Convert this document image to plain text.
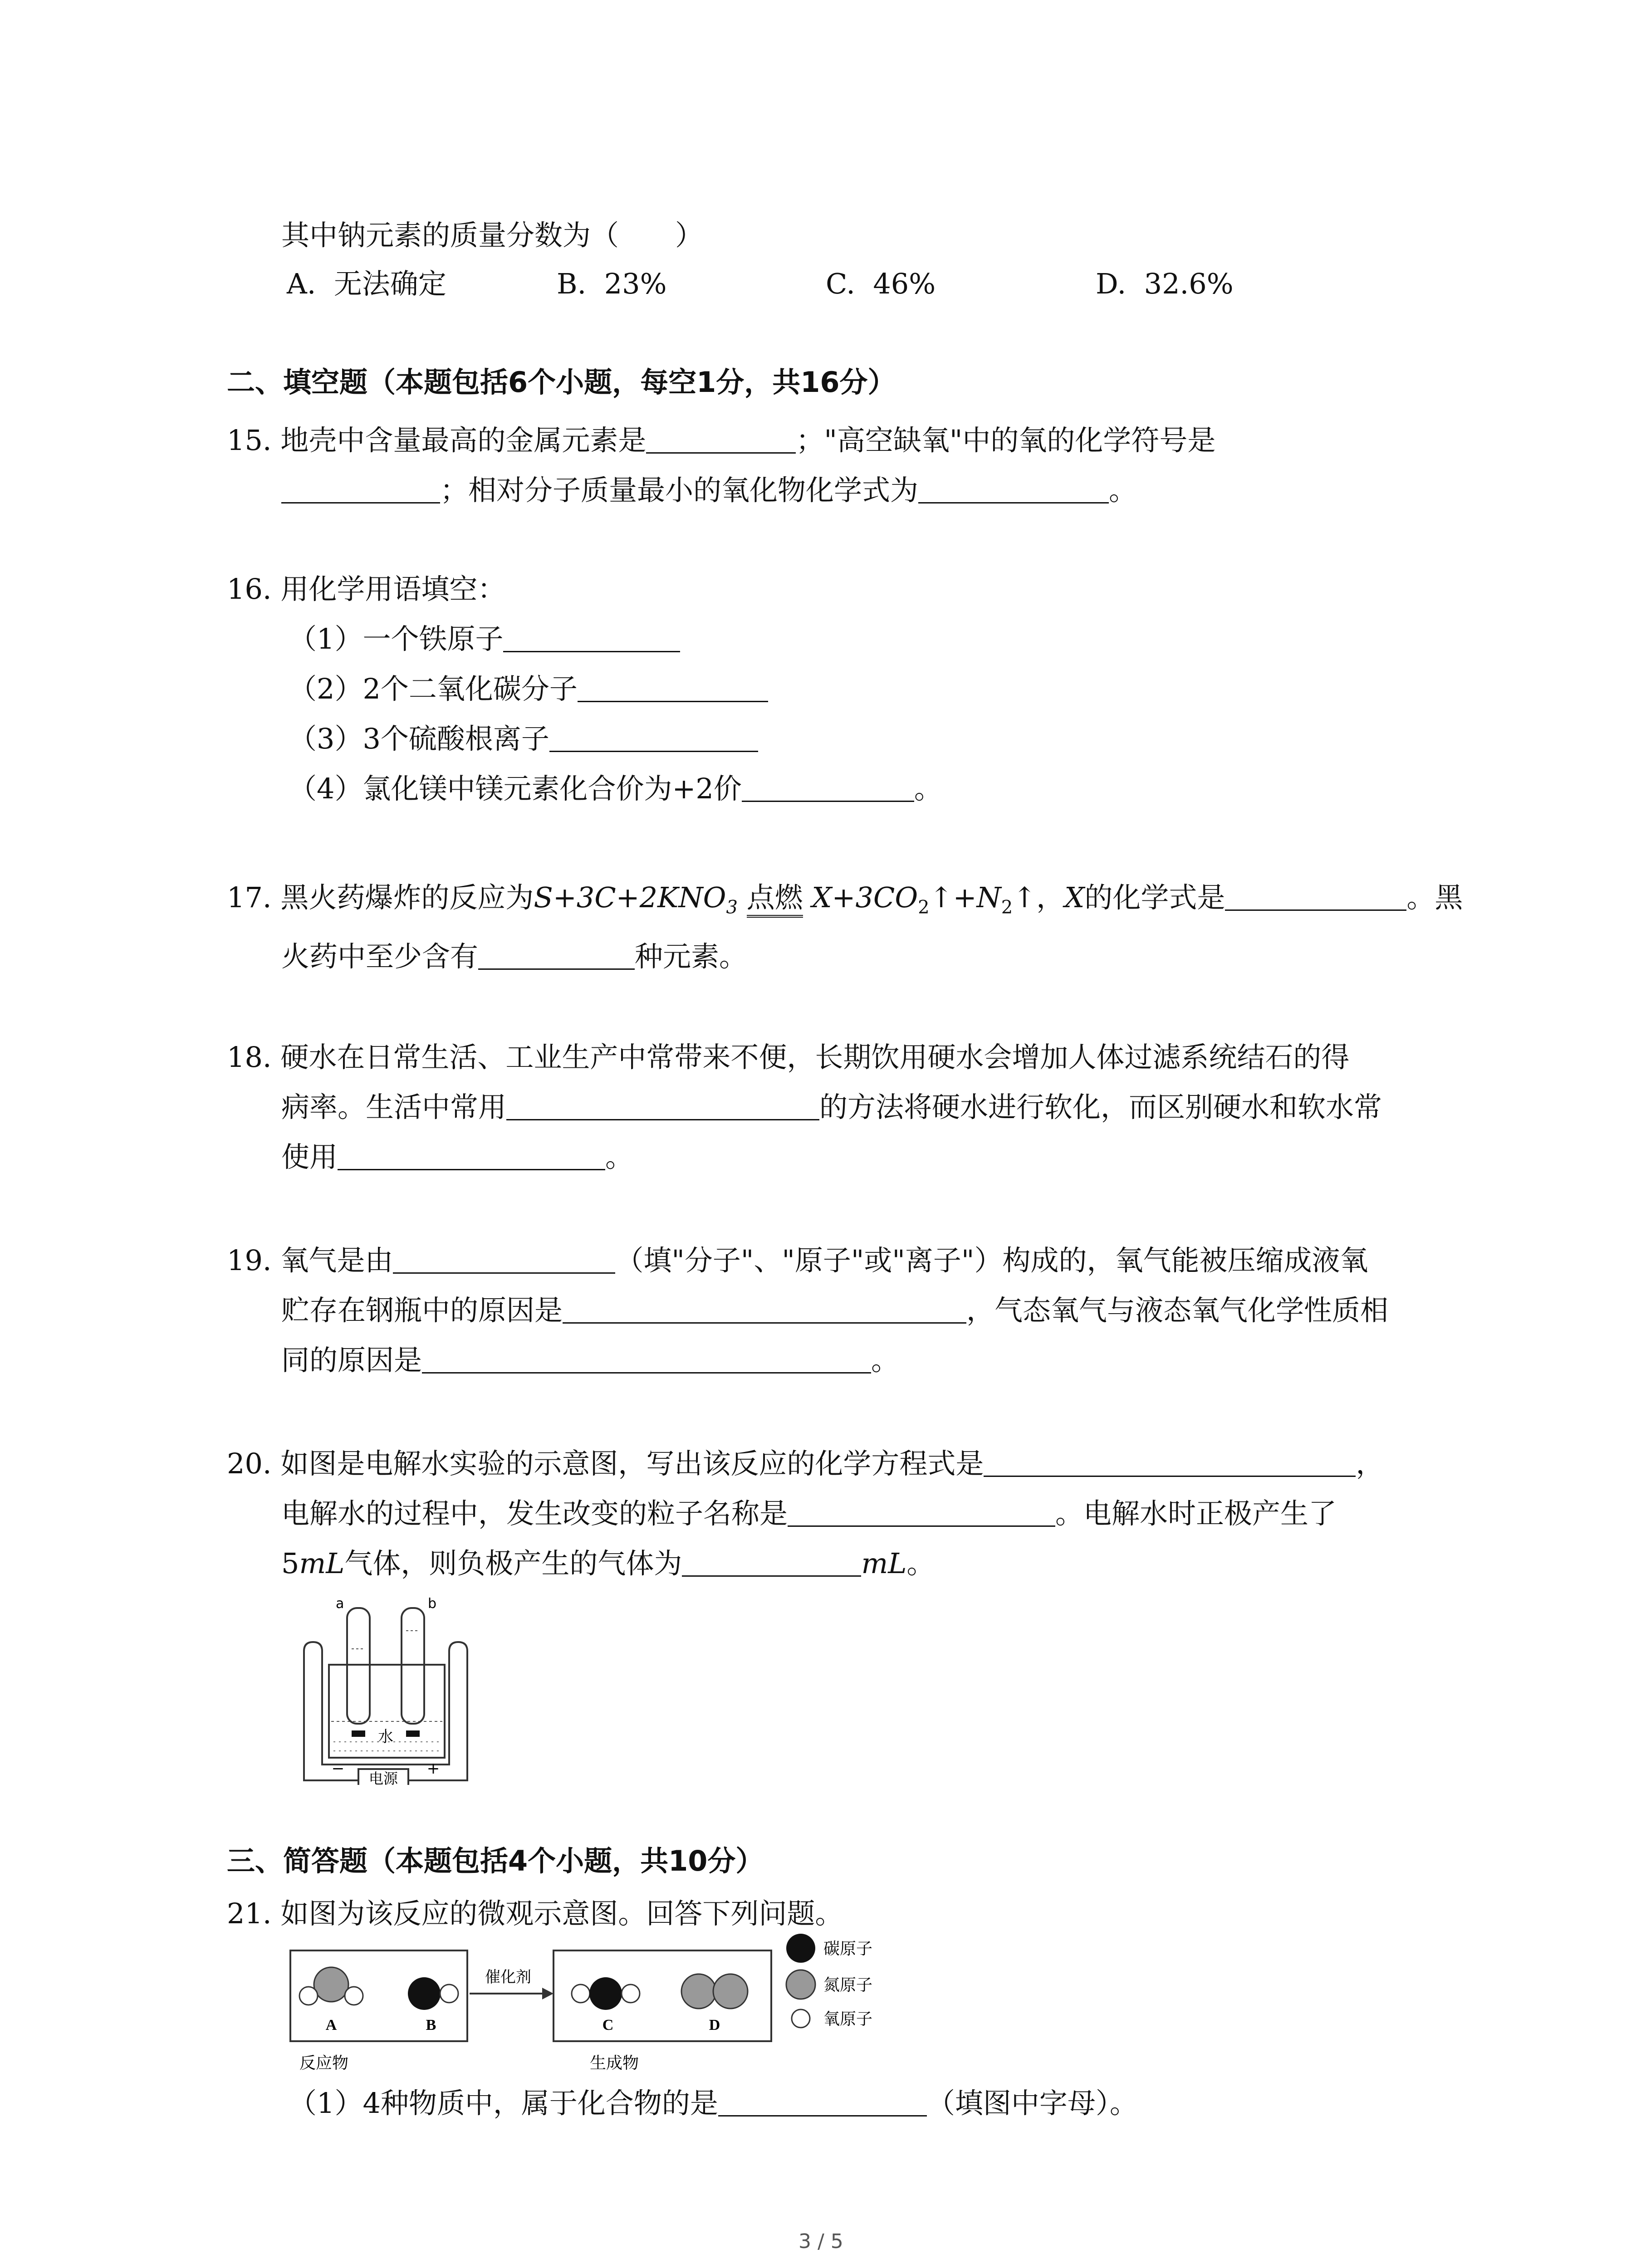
其中钠元素的质量分数为（　　）
A. 无法确定	B. 23%	C. 46%	D. 32.6%
二、填空题（本题包括6个小题，每空1分，共16分）
15. 地壳中含量最高的金属元素是	；"高空缺氧"中的氧的化学符号是
；相对分子质量最小的氧化物化学式为	。
16. 用化学用语填空：
（1）一个铁原子
（2）2个二氧化碳分子
（3）3个硫酸根离子
（4）氯化镁中镁元素化合价为+2价	。
17. 黑火药爆炸的反应为$S+3C+2KNO_3$ 点燃 $X+3CO_2↑+N_2↑$，X的化学式是	。黑
火药中至少含有	种元素。
18. 硬水在日常生活、工业生产中常带来不便，长期饮用硬水会增加人体过滤系统结石的得
病率。生活中常用	的方法将硬水进行软化，而区别硬水和软水常
使用	。
19. 氧气是由	（填"分子"、"原子"或"离子"）构成的，氧气能被压缩成液氧
贮存在钢瓶中的原因是	，气态氧气与液态氧气化学性质相
同的原因是	。
20. 如图是电解水实验的示意图，写出该反应的化学方程式是	，
电解水的过程中，发生改变的粒子名称是	。电解水时正极产生了
5mL气体，则负极产生的气体为	mL。
电源
−	+
水
a	b
三、简答题（本题包括4个小题，共10分）
21. 如图为该反应的微观示意图。回答下列问题。
A	B
催化剂
C	D
反应物	生成物
碳原子
氮原子
氧原子
（1）4种物质中，属于化合物的是	（填图中字母）。
3 / 5
